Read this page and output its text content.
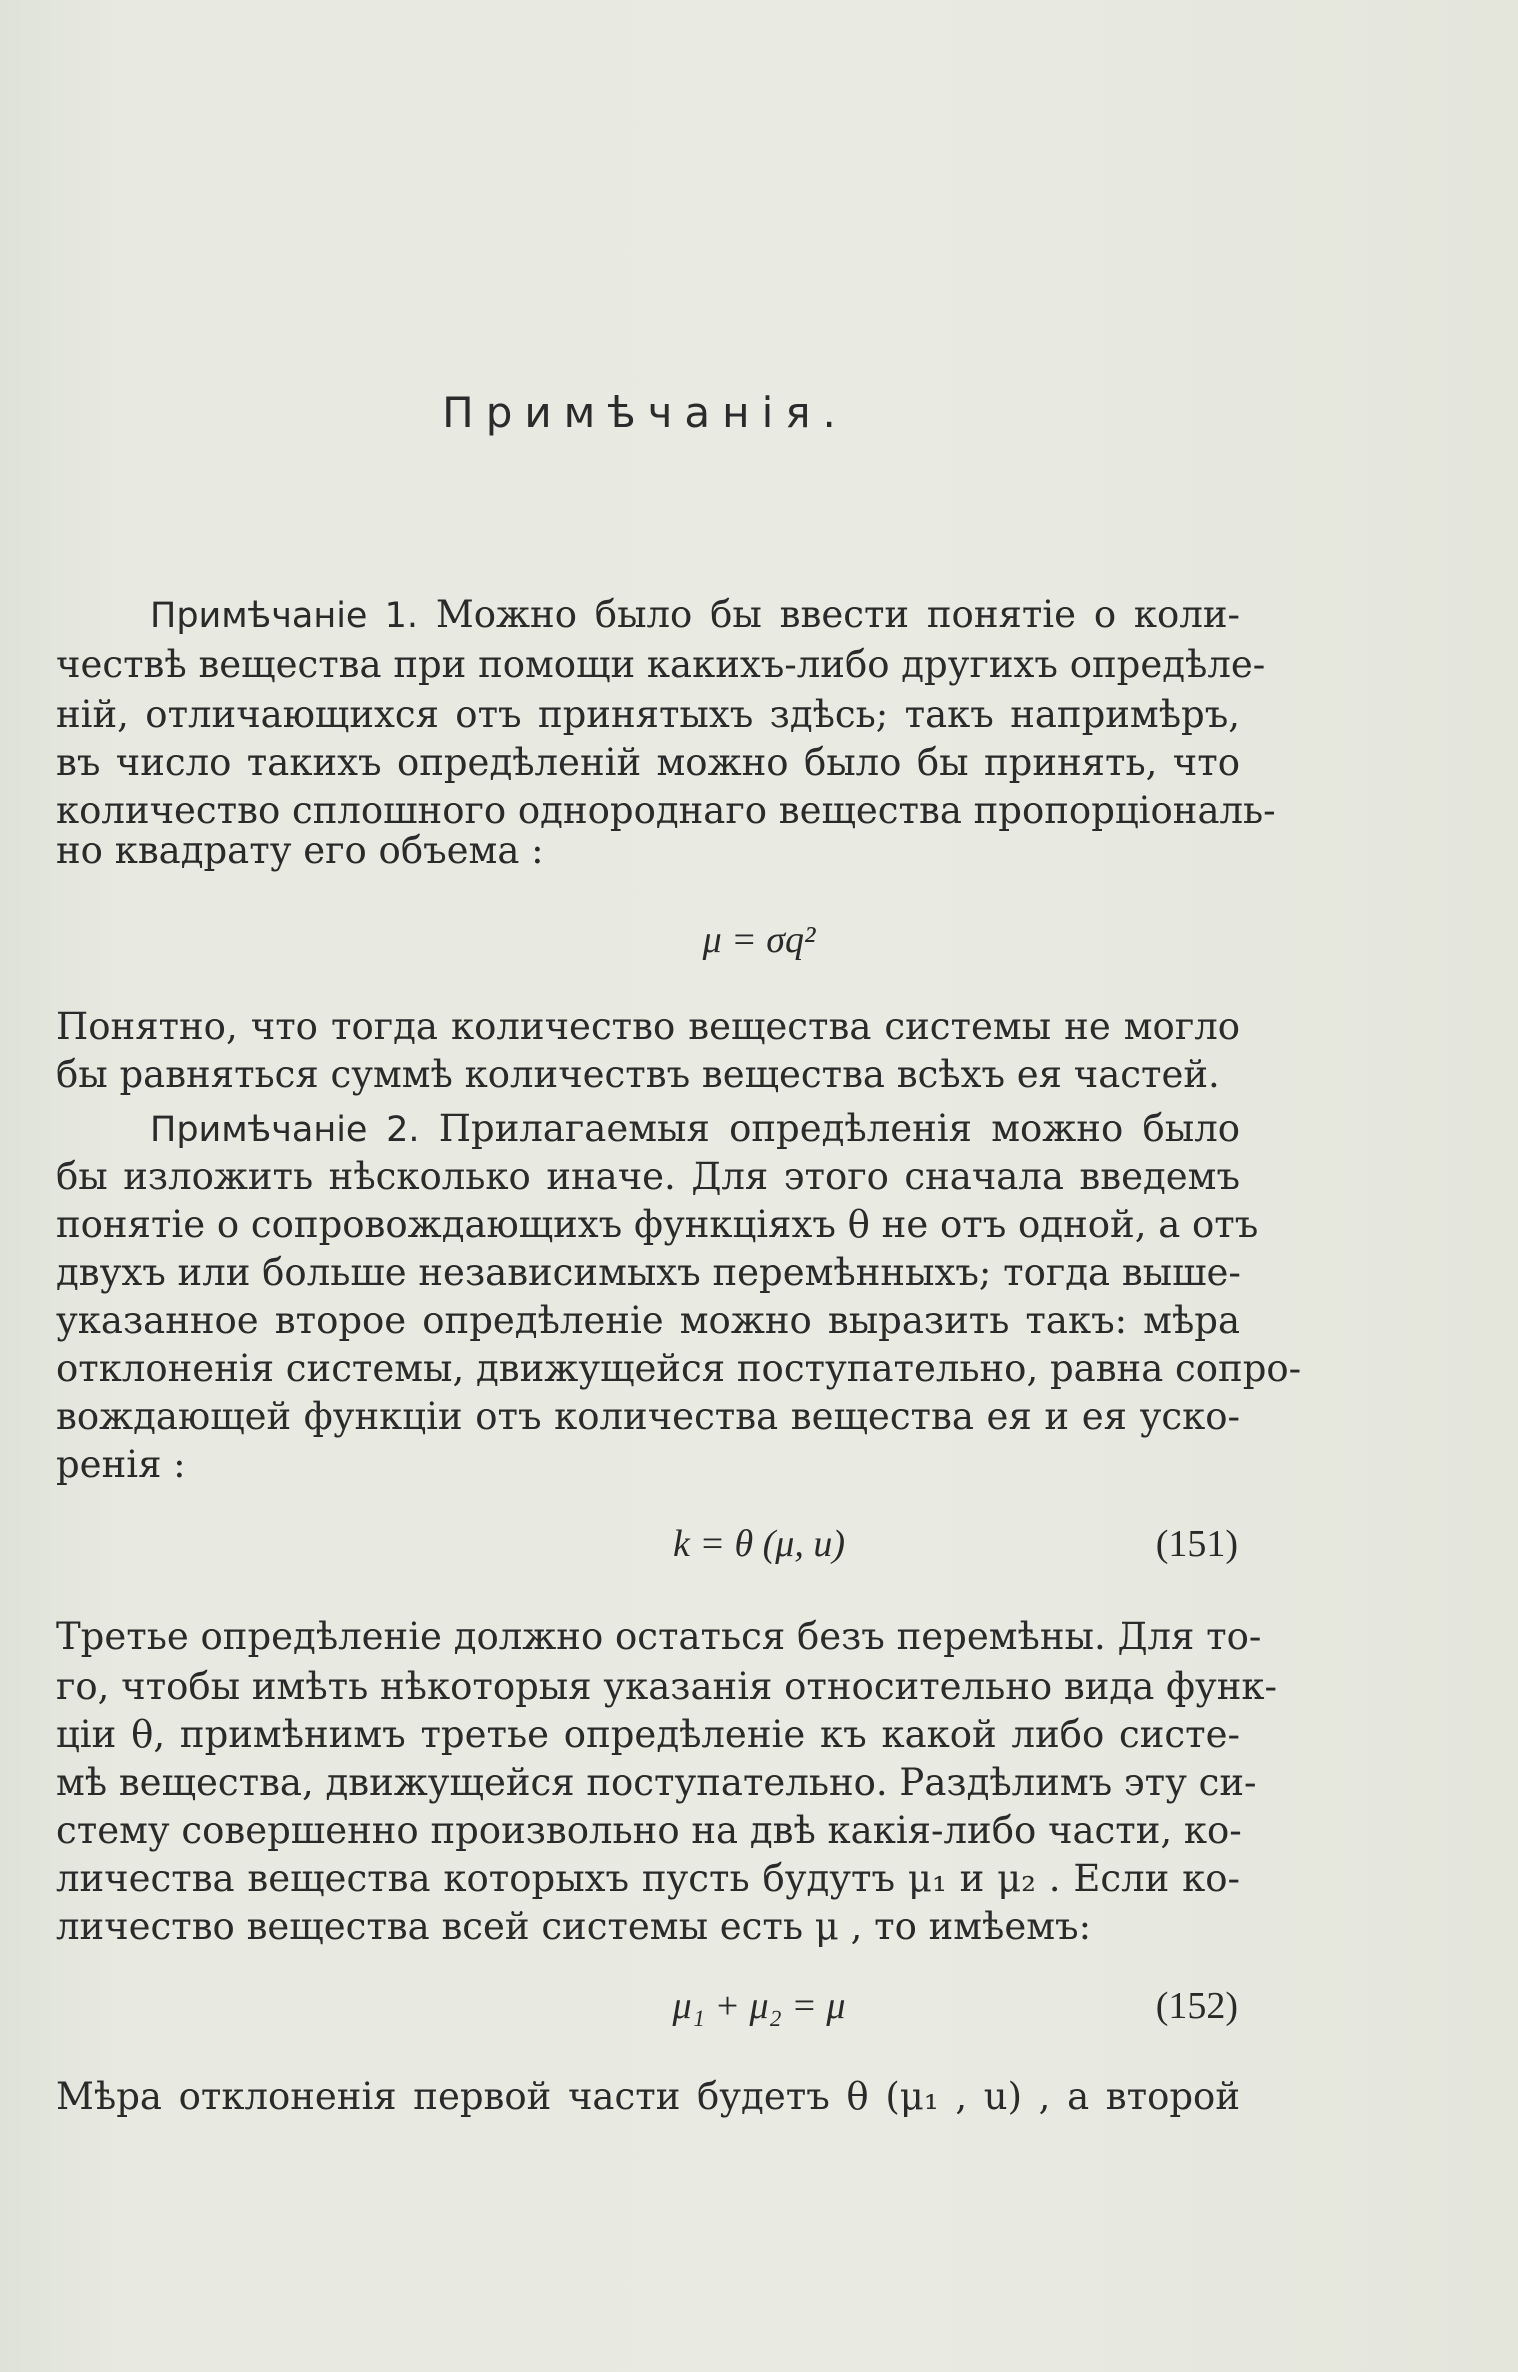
Примѣчанія.
Примѣчаніе 1. Можно было бы ввести понятіе о коли-
чествѣ вещества при помощи какихъ-либо другихъ опредѣле-
ній, отличающихся отъ принятыхъ здѣсь; такъ напримѣръ,
въ число такихъ опредѣленій можно было бы принять, что
количество сплошного однороднаго вещества пропорціональ-
но квадрату его объема :
μ = σq²
Понятно, что тогда количество вещества системы не могло
бы равняться суммѣ количествъ вещества всѣхъ ея частей.
Примѣчаніе 2. Прилагаемыя опредѣленія можно было
бы изложить нѣсколько иначе. Для этого сначала введемъ
понятіе о сопровождающихъ функціяхъ θ не отъ одной, а отъ
двухъ или больше независимыхъ перемѣнныхъ; тогда выше-
указанное второе опредѣленіе можно выразить такъ: мѣра
отклоненія системы, движущейся поступательно, равна сопро-
вождающей функціи отъ количества вещества ея и ея уско-
ренія :
k = θ (μ, u)	(151)
Третье опредѣленіе должно остаться безъ перемѣны. Для то-
го, чтобы имѣть нѣкоторыя указанія относительно вида функ-
ціи θ, примѣнимъ третье опредѣленіе къ какой либо систе-
мѣ вещества, движущейся поступательно. Раздѣлимъ эту си-
стему совершенно произвольно на двѣ какія-либо части, ко-
личества вещества которыхъ пусть будутъ μ₁ и μ₂ . Если ко-
личество вещества всей системы есть μ , то имѣемъ:
μ₁ + μ₂ = μ	(152)
Мѣра отклоненія первой части будетъ θ (μ₁ , u) , а второй
